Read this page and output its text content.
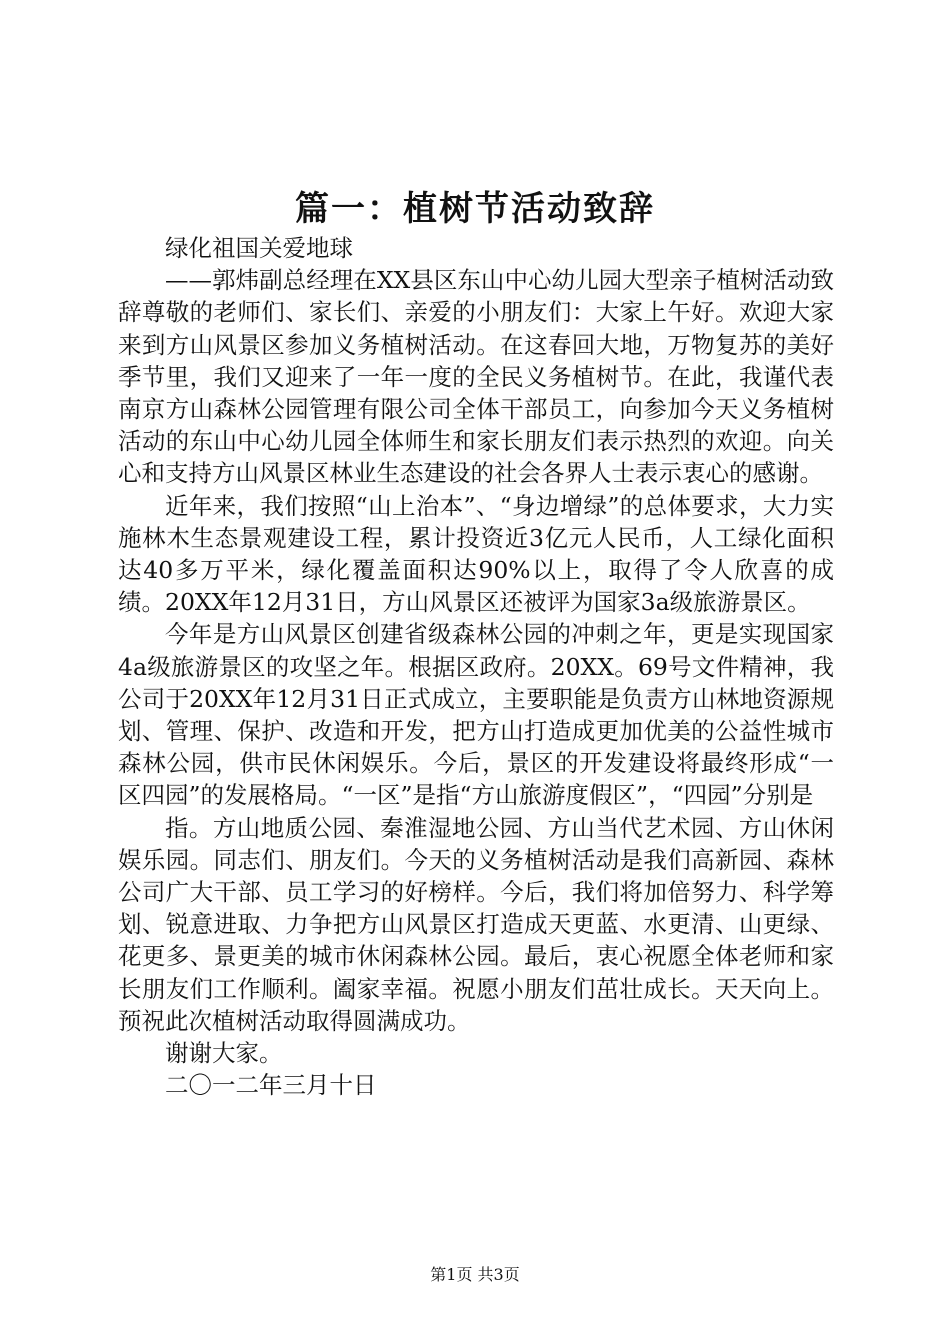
篇一：植树节活动致辞

绿化祖国关爱地球

——郭炜副总经理在XX县区东山中心幼儿园大型亲子植树活动致辞尊敬的老师们、家长们、亲爱的小朋友们：大家上午好。欢迎大家来到方山风景区参加义务植树活动。在这春回大地，万物复苏的美好季节里，我们又迎来了一年一度的全民义务植树节。在此，我谨代表南京方山森林公园管理有限公司全体干部员工，向参加今天义务植树活动的东山中心幼儿园全体师生和家长朋友们表示热烈的欢迎。向关心和支持方山风景区林业生态建设的社会各界人士表示衷心的感谢。

近年来，我们按照“山上治本”、“身边增绿”的总体要求，大力实施林木生态景观建设工程，累计投资近3亿元人民币，人工绿化面积达40多万平米，绿化覆盖面积达90%以上，取得了令人欣喜的成绩。20XX年12月31日，方山风景区还被评为国家3a级旅游景区。

今年是方山风景区创建省级森林公园的冲刺之年，更是实现国家4a级旅游景区的攻坚之年。根据区政府。20XX。69号文件精神，我公司于20XX年12月31日正式成立，主要职能是负责方山林地资源规划、管理、保护、改造和开发，把方山打造成更加优美的公益性城市森林公园，供市民休闲娱乐。今后，景区的开发建设将最终形成“一区四园”的发展格局。“一区”是指“方山旅游度假区”，“四园”分别是

指。方山地质公园、秦淮湿地公园、方山当代艺术园、方山休闲娱乐园。同志们、朋友们。今天的义务植树活动是我们高新园、森林公司广大干部、员工学习的好榜样。今后，我们将加倍努力、科学筹划、锐意进取、力争把方山风景区打造成天更蓝、水更清、山更绿、花更多、景更美的城市休闲森林公园。最后，衷心祝愿全体老师和家长朋友们工作顺利。阖家幸福。祝愿小朋友们茁壮成长。天天向上。预祝此次植树活动取得圆满成功。

谢谢大家。

二〇一二年三月十日

第1页 共3页
